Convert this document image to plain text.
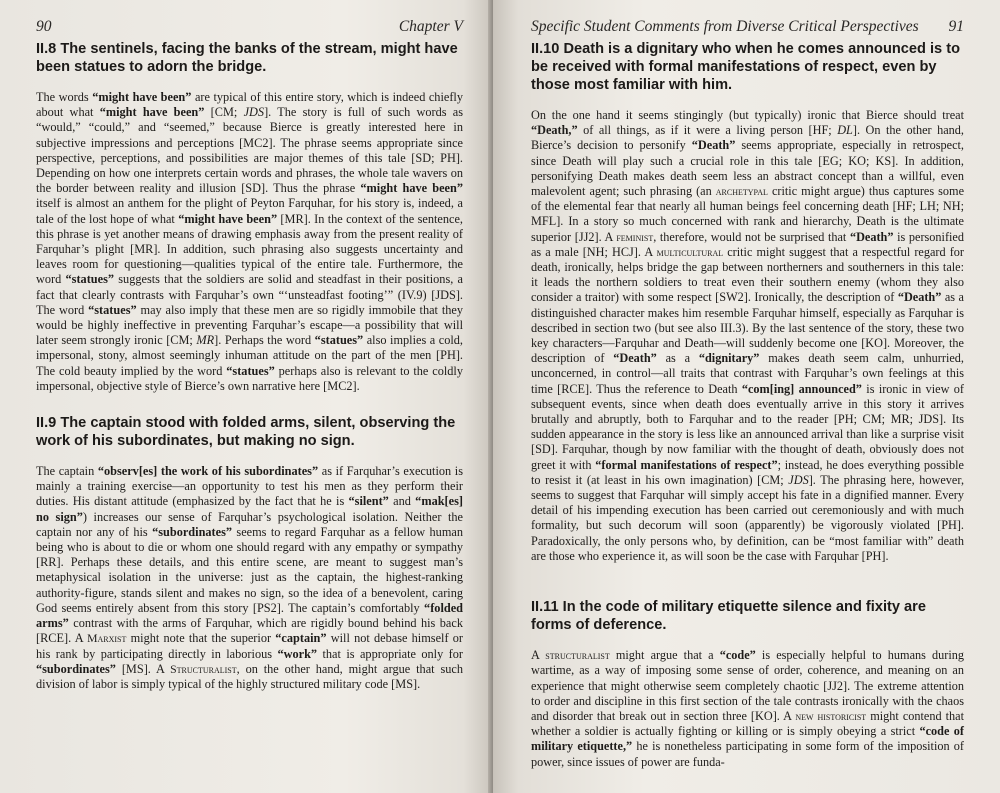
90	Chapter V
II.8 The sentinels, facing the banks of the stream, might have been statues to adorn the bridge.

The words “might have been” are typical of this entire story, which is indeed chiefly about what “might have been” [CM; JDS]. The story is full of such words as “would,” “could,” and “seemed,” because Bierce is greatly interested here in subjective impressions and perceptions [MC2]. The phrase seems appropriate since perspective, perceptions, and possibilities are major themes of this tale [SD; PH]. Depending on how one interprets certain words and phrases, the whole tale wavers on the border between reality and illusion [SD]. Thus the phrase “might have been” itself is almost an anthem for the plight of Peyton Farquhar, for his story is, indeed, a tale of the lost hope of what “might have been” [MR]. In the context of the sentence, this phrase is yet another means of drawing emphasis away from the present reality of Farquhar’s plight [MR]. In addition, such phrasing also suggests uncertainty and leaves room for questioning—qualities typical of the entire tale. Furthermore, the word “statues” suggests that the soldiers are solid and steadfast in their positions, a fact that clearly contrasts with Farquhar’s own “‘unsteadfast footing’” (IV.9) [JDS]. The word “statues” may also imply that these men are so rigidly immobile that they would be highly ineffective in preventing Farquhar’s escape—a possibility that will later seem strongly ironic [CM; MR]. Perhaps the word “statues” also implies a cold, impersonal, stony, almost seemingly inhuman attitude on the part of the men [PH]. The cold beauty implied by the word “statues” perhaps also is relevant to the coldly impersonal, objective style of Bierce’s own narrative here [MC2].

II.9 The captain stood with folded arms, silent, observing the work of his subordinates, but making no sign.

The captain “observ[es] the work of his subordinates” as if Farquhar’s execution is mainly a training exercise—an opportunity to test his men as they perform their duties. His distant attitude (emphasized by the fact that he is “silent” and “mak[es] no sign”) increases our sense of Farquhar’s psychological isolation. Neither the captain nor any of his “subordinates” seems to regard Farquhar as a fellow human being who is about to die or whom one should regard with any empathy or sympathy [RR]. Perhaps these details, and this entire scene, are meant to suggest man’s metaphysical isolation in the universe: just as the captain, the highest-ranking authority-figure, stands silent and makes no sign, so the idea of a benevolent, caring God seems entirely absent from this story [PS2]. The captain’s comfortably “folded arms” contrast with the arms of Farquhar, which are rigidly bound behind his back [RCE]. A Marxist might note that the superior “captain” will not debase himself or his rank by participating directly in laborious “work” that is appropriate only for “subordinates” [MS]. A Structuralist, on the other hand, might argue that such division of labor is simply typical of the highly structured military code [MS].

Specific Student Comments from Diverse Critical Perspectives 91
II.10 Death is a dignitary who when he comes announced is to be received with formal manifestations of respect, even by those most familiar with him.

On the one hand it seems stingingly (but typically) ironic that Bierce should treat “Death,” of all things, as if it were a living person [HF; DL]. On the other hand, Bierce’s decision to personify “Death” seems appropriate, especially in retrospect, since Death will play such a crucial role in this tale [EG; KO; KS]. In addition, personifying Death makes death seem less an abstract concept than a willful, even malevolent agent; such phrasing (an archetypal critic might argue) thus captures some of the elemental fear that nearly all human beings feel concerning death [HF; LH; NH; MFL]. In a story so much concerned with rank and hierarchy, Death is the ultimate superior [JJ2]. A feminist, therefore, would not be surprised that “Death” is personified as a male [NH; HCJ]. A multicultural critic might suggest that a respectful regard for death, ironically, helps bridge the gap between northerners and southerners in this tale: it leads the northern soldiers to treat even their southern enemy (whom they also consider a traitor) with some respect [SW2]. Ironically, the description of “Death” as a distinguished character makes him resemble Farquhar himself, especially as Farquhar is described in section two (but see also III.3). By the last sentence of the story, these two key characters—Farquhar and Death—will suddenly become one [KO]. Moreover, the description of “Death” as a “dignitary” makes death seem calm, unhurried, unconcerned, in control—all traits that contrast with Farquhar’s own feelings at this time [RCE]. Thus the reference to Death “com[ing] announced” is ironic in view of subsequent events, since when death does eventually arrive in this story it arrives brutally and abruptly, both to Farquhar and to the reader [PH; CM; MR; JDS]. Its sudden appearance in the story is less like an announced arrival than like a surprise visit [SD]. Farquhar, though by now familiar with the thought of death, obviously does not greet it with “formal manifestations of respect”; instead, he does everything possible to resist it (at least in his own imagination) [CM; JDS]. The phrasing here, however, seems to suggest that Farquhar will simply accept his fate in a dignified manner. Every detail of his impending execution has been carried out ceremoniously and with much formality, but such decorum will soon (apparently) be vigorously violated [PH]. Paradoxically, the only persons who, by definition, can be “most familiar with” death are those who experience it, as will soon be the case with Farquhar [PH].

II.11 In the code of military etiquette silence and fixity are forms of deference.

A structuralist might argue that a “code” is especially helpful to humans during wartime, as a way of imposing some sense of order, coherence, and meaning on an experience that might otherwise seem completely chaotic [JJ2]. The extreme attention to order and discipline in this first section of the tale contrasts ironically with the chaos and disorder that break out in section three [KO]. A new historicist might contend that whether a soldier is actually fighting or killing or is simply obeying a strict “code of military etiquette,” he is nonetheless participating in some form of the imposition of power, since issues of power are funda-
